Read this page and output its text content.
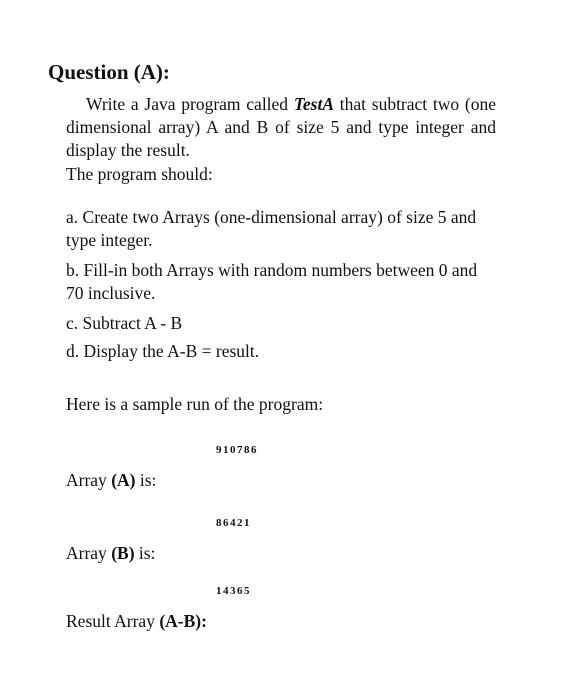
Question (A):
Write a Java program called TestA that subtract two (one dimensional array) A and B of size 5 and type integer and display the result.
The program should:
a. Create two Arrays (one-dimensional array) of size 5 and type integer.
b. Fill-in both Arrays with random numbers between 0 and 70 inclusive.
c. Subtract A - B
d. Display the A-B = result.
Here is a sample run of the program:
910786
Array (A) is:
86421
Array (B) is:
14365
Result Array (A-B):
